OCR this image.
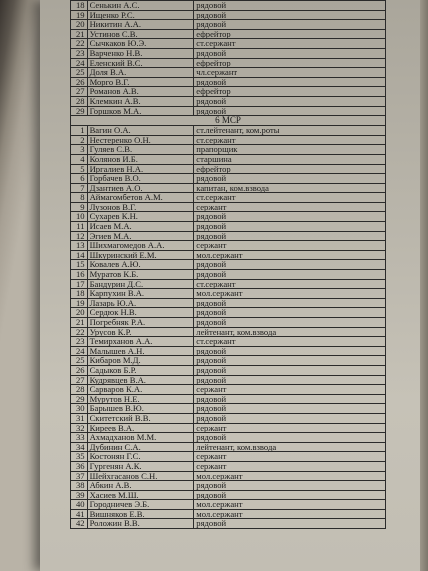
18	Сенькин А.С.	рядовой
19	Ищенко Р.С.	рядовой
20	Никитин А.А.	рядовой
21	Устинов С.В.	ефрейтор
22	Сычкаков Ю.Э.	ст.сержант
23	Варченко Н.В.	рядовой
24	Еленский В.С.	ефрейтор
25	Доля В.А.	чл.сержант
26	Морго В.Г.	рядовой
27	Романов А.В.	ефрейтор
28	Клемкин А.В.	рядовой
29	Горшков М.А.	рядовой
6 МСР		
1	Вагин О.А.	ст.лейтенант, ком.роты
2	Нестеренко О.Н.	ст.сержант
3	Гуляев С.В.	прапорщик
4	Колянов И.Б.	старшина
5	Иргалиев Н.А.	ефрейтор
6	Горбачев В.О.	рядовой
7	Дзантиев А.О.	капитан, ком.взвода
8	Аймагомбетов А.М.	ст.сержант
9	Лузонов В.Г.	сержант
10	Сухарев К.Н.	рядовой
11	Исаев М.А.	рядовой
12	Эгиев М.А.	рядовой
13	Шихмагомедов А.А.	сержант
14	Шкуринский Е.М.	мол.сержант
15	Ковалев А.Ю.	рядовой
16	Муратов К.Б.	рядовой
17	Бандурин Д.С.	ст.сержант
18	Карпухин В.А.	мол.сержант
19	Лазарь Ю.А.	рядовой
20	Сердюк Н.В.	рядовой
21	Погребняк Р.А.	рядовой
22	Урусов К.Р.	лейтенант, ком.взвода
23	Темирханов А.А.	ст.сержант
24	Малышев А.Н.	рядовой
25	Кибаров М.Д.	рядовой
26	Садыков Б.Р.	рядовой
27	Кудрявцев В.А.	рядовой
28	Сарваров К.А.	сержант
29	Мурутов Н.Е.	рядовой
30	Барышев В.Ю.	рядовой
31	Скитетский В.В.	рядовой
32	Киреев В.А.	сержант
33	Ахмадханов М.М.	рядовой
34	Дубинин С.А.	лейтенант, ком.взвода
35	Костонян Г.С.	сержант
36	Гургенян А.К.	сержант
37	Шейхгасанов С.Н.	мол.сержант
38	Абкин А.В.	рядовой
39	Хасиев М.Ш.	рядовой
40	Городничев Э.Б.	мол.сержант
41	Вишняков Е.В.	мол.сержант
42	Роложин В.В.	рядовой
